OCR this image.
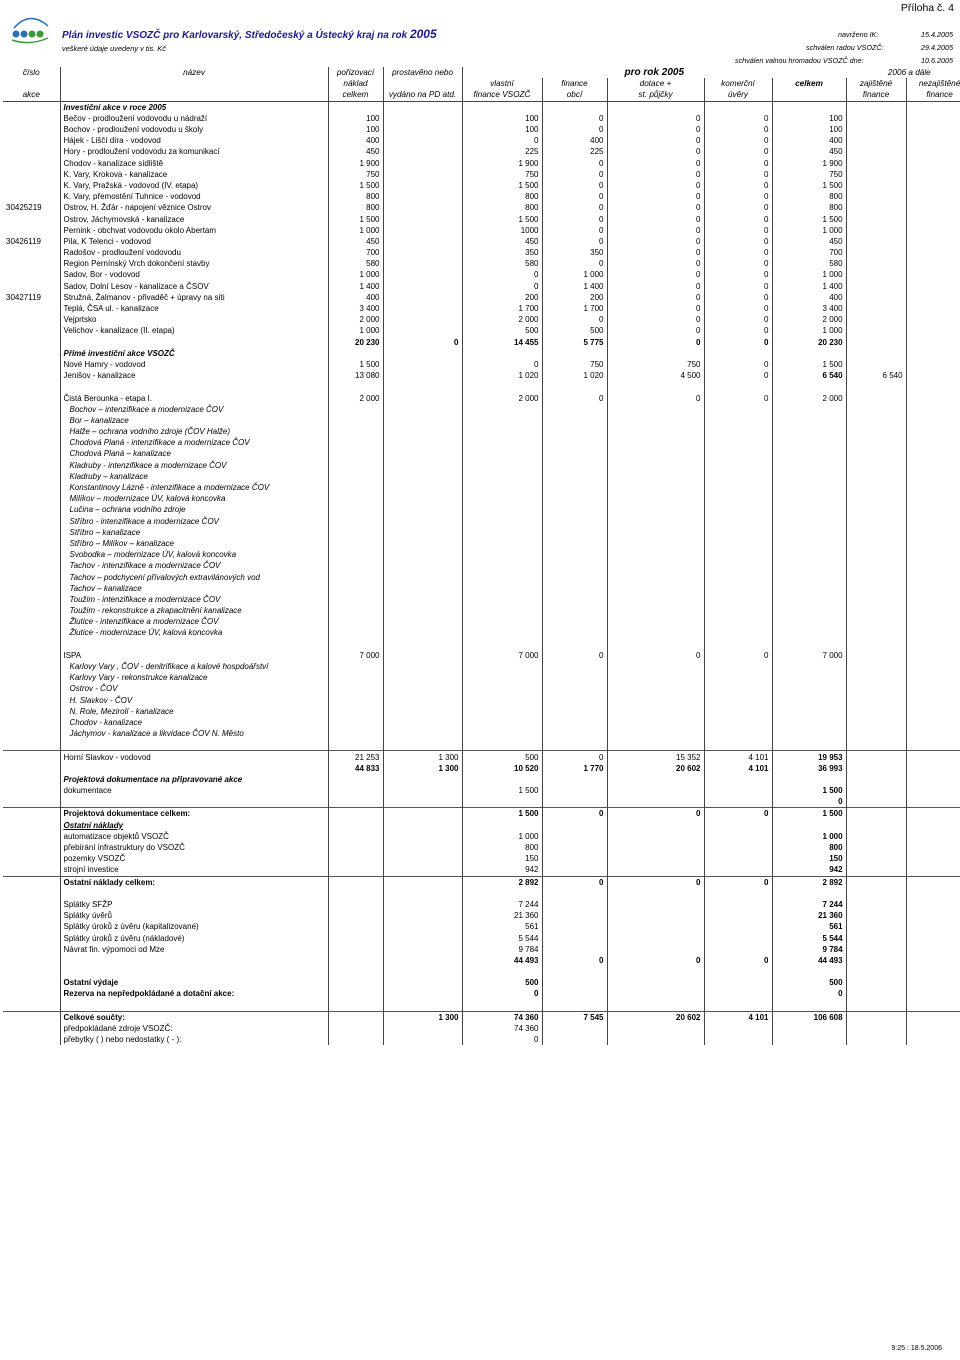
Příloha č. 4
Plán investic VSOZČ pro Karlovarský, Středočeský a Ústecký kraj na rok 2005
veškeré údaje uvedeny v tis. Kč
navrženo IK:	15.4.2005
schválen radou VSOZČ:	29.4.2005
schválen valnou hromadou VSOZČ dne:	10.6.2005
číslo	název	pořizovací	prostavěno nebo	pro rok 2005					2006 a dále	
		náklad		vlastní	finance	dotace +	komerční	celkem	zajištěné	nezajištěné
akce		celkem	vydáno na PD atd.	finance VSOZČ	obcí	st. půjčky	úvěry		finance	finance
	Investiční akce v roce 2005									
	Bečov - prodloužení vodovodu u nádraží	100		100	0	0	0	100		
	Bochov - prodloužení vodovodu u školy	100		100	0	0	0	100		
	Hájek - Liščí díra - vodovod	400		0	400	0	0	400		
	Hory - prodloužení vodovodu za komunikací	450		225	225	0	0	450		
	Chodov - kanalizace sídliště	1 900		1 900	0	0	0	1 900		
	K. Vary, Krokova - kanalizace	750		750	0	0	0	750		
	K. Vary, Pražská - vodovod (IV. etapa)	1 500		1 500	0	0	0	1 500		
	K. Vary, přemostění Tuhnice - vodovod	800		800	0	0	0	800		
30425219	Ostrov, H. Žďár - napojení věznice Ostrov	800		800	0	0	0	800		
	Ostrov, Jáchymovská - kanalizace	1 500		1 500	0	0	0	1 500		
	Pernink - obchvat vodovodu okolo Abertam	1 000		1000	0	0	0	1 000		
30426119	Pila, K Telenci - vodovod	450		450	0	0	0	450		
	Radošov - prodloužení vodovodu	700		350	350	0	0	700		
	Region Pernínský Vrch dokončení stavby	580		580	0	0	0	580		
	Sadov, Bor - vodovod	1 000		0	1 000	0	0	1 000		
	Sadov, Dolní Lesov - kanalizace a ČSOV	1 400		0	1 400	0	0	1 400		
30427119	Stružná, Žalmanov - přivaděč + úpravy na síti	400		200	200	0	0	400		
	Teplá, ČSA ul. - kanalizace	3 400		1 700	1 700	0	0	3 400		
	Vejprtsko	2 000		2 000	0	0	0	2 000		
	Velichov - kanalizace (II. etapa)	1 000		500	500	0	0	1 000		
		20 230	0	14 455	5 775	0	0	20 230		
	Přímé investiční akce VSOZČ									
	Nové Hamry - vodovod	1 500		0	750	750	0	1 500		
	Jenišov - kanalizace	13 080		1 020	1 020	4 500	0	6 540	6 540	

	Čistá Berounka - etapa I.	2 000		2 000	0	0	0	2 000		
	Bochov – intenzifikace a modernizace ČOV									
	Bor – kanalizace									
	Halže – ochrana vodního zdroje (ČOV Halže)									
	Chodová Planá - intenzifikace a modernizace ČOV									
	Chodová Planá – kanalizace									
	Kladruby - intenzifikace a modernizace ČOV									
	Kladruby – kanalizace									
	Konstantinovy Lázně - intenzifikace a modernizace ČOV									
	Milíkov – modernizace ÚV, kalová koncovka									
	Lučina – ochrana vodního zdroje									
	Stříbro - intenzifikace a modernizace ČOV									
	Stříbro – kanalizace									
	Stříbro – Milíkov – kanalizace									
	Svobodka – modernizace ÚV, kalová koncovka									
	Tachov - intenzifikace a modernizace ČOV									
	Tachov – podchycení přívalových extravilánových vod									
	Tachov – kanalizace									
	Toužim - intenzifikace a modernizace ČOV									
	Toužim - rekonstrukce a zkapacitnění kanalizace									
	Žlutice - intenzifikace a modernizace ČOV									
	Žlutice - modernizace ÚV, kalová koncovka									

	ISPA	7 000		7 000	0	0	0	7 000		
	Karlovy Vary , ČOV - denitrifikace a kalové hospdoářství									
	Karlovy Vary - rekonstrukce kanalizace									
	Ostrov - ČOV									
	H. Slavkov - ČOV									
	N. Role, Mezirolí - kanalizace									
	Chodov - kanalizace									
	Jáchymov - kanalizace a likvidace ČOV N. Město									

	Horní Slavkov - vodovod	21 253	1 300	500	0	15 352	4 101	19 953		
		44 833	1 300	10 520	1 770	20 602	4 101	36 993		
	Projektová dokumentace na připravované akce									
	dokumentace			1 500				1 500		
								0		
	Projektová dokumentace celkem:			1 500	0	0	0	1 500		
	Ostatní náklady									
	automatizace objektů VSOZČ			1 000				1 000		
	přebírání infrastruktury do VSOZČ			800				800		
	pozemky VSOZČ			150				150		
	strojní investice			942				942		
	Ostatní náklady celkem:			2 892	0	0	0	2 892		

	Splátky SFŽP			7 244				7 244		
	Splátky úvěrů			21 360				21 360		
	Splátky úroků z úvěru (kapitalizované)			561				561		
	Splátky úroků z úvěru (nákladové)			5 544				5 544		
	Návrat fin. výpomoci od Mze			9 784				9 784		
				44 493	0	0	0	44 493		

	Ostatní výdaje			500				500		
	Rezerva na nepředpokládané a dotační akce:			0				0		

	Celkové součty:		1 300	74 360	7 545	20 602	4 101	106 608		
	předpokládané zdroje VSOZČ:			74 360						
	přebytky ( ) nebo nedostatky ( - ):			0						
9:25 : 18.5.2006
